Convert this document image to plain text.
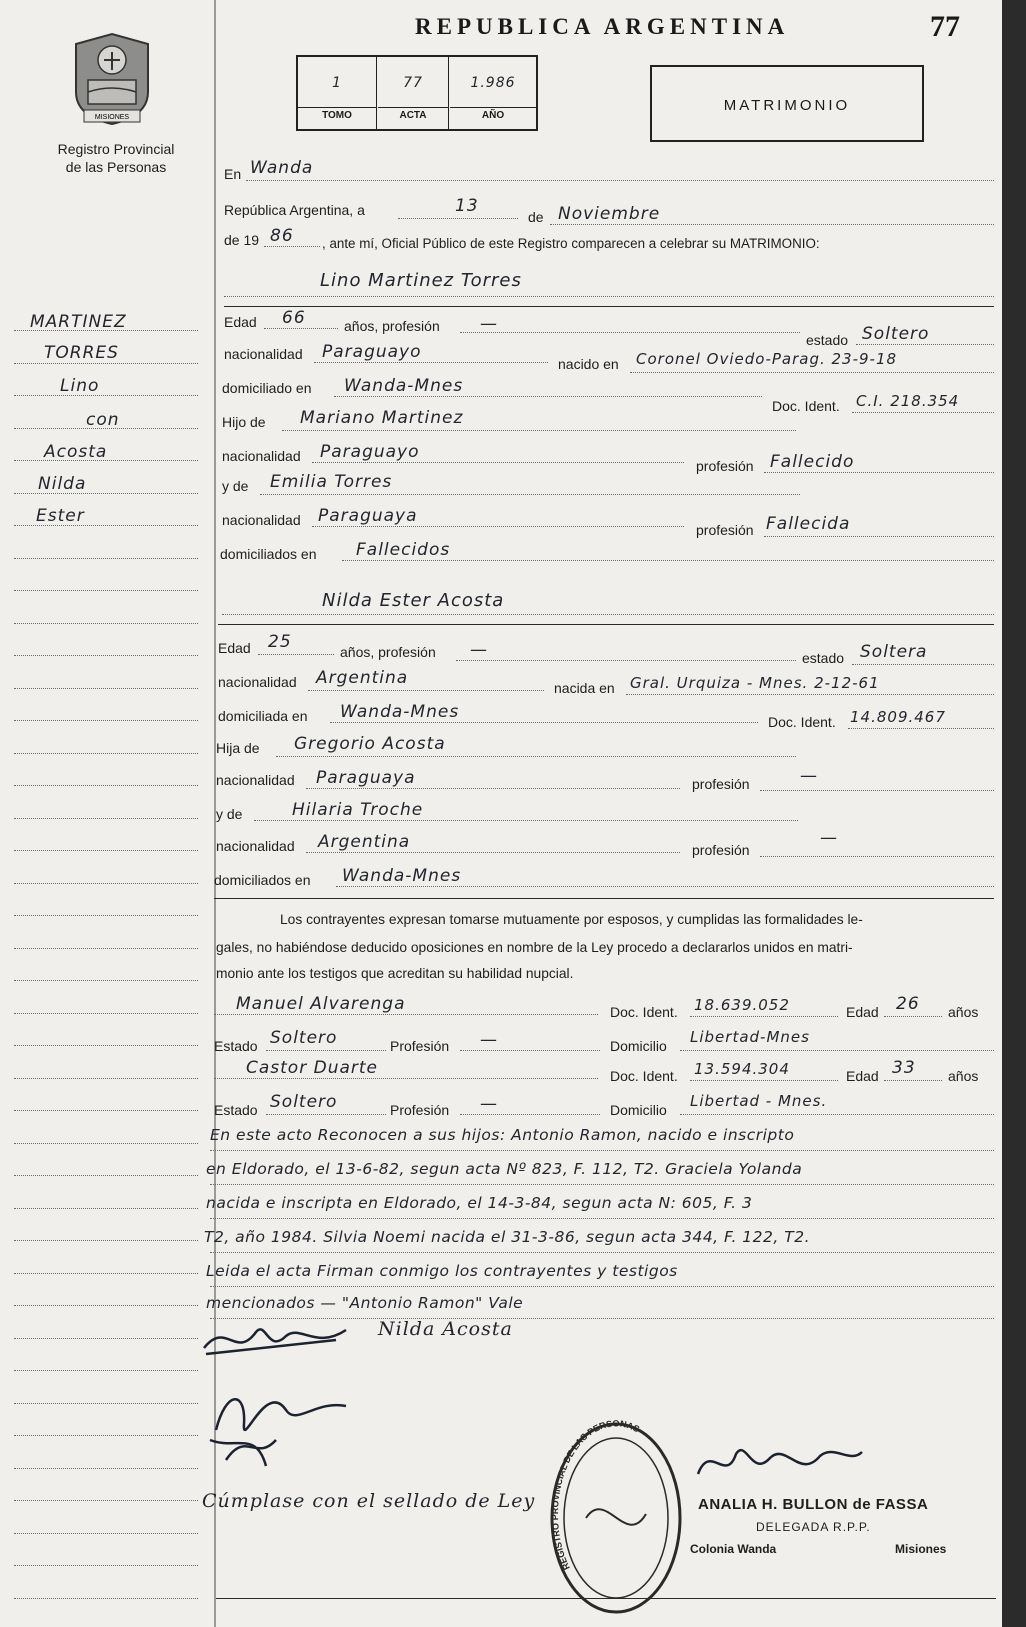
MISIONES
Registro Provincial
de las Personas
REPUBLICA ARGENTINA	77
1
TOMO
77
ACTA
1.986
AÑO
MATRIMONIO
MARTINEZ
TORRES
Lino
con
Acosta
Nilda
Ester
En Wanda
República Argentina, a	13
de Noviembre
de 19 86 , ante mí, Oficial Público de este Registro comparecen a celebrar su MATRIMONIO:
Lino Martinez Torres
Edad 66	años, profesión —
estado Soltero
nacionalidad Paraguayo
nacido en Coronel Oviedo-Parag. 23-9-18
domiciliado en Wanda-Mnes
Doc. Ident. C.I. 218.354
Hijo de Mariano Martinez
nacionalidad Paraguayo
profesión Fallecido
y de Emilia Torres
nacionalidad Paraguaya
profesión Fallecida
domiciliados en Fallecidos
Nilda Ester Acosta
Edad 25	años, profesión —	estado Soltera
nacionalidad Argentina	nacida en Gral. Urquiza - Mnes. 2-12-61
domiciliada en Wanda-Mnes	Doc. Ident. 14.809.467
Hija de Gregorio Acosta
nacionalidad Paraguaya	profesión	—
y de	Hilaria Troche
nacionalidad Argentina	profesión
—
domiciliados en Wanda-Mnes
Los contrayentes expresan tomarse mutuamente por esposos, y cumplidas las formalidades le-
gales, no habiéndose deducido oposiciones en nombre de la Ley procedo a declararlos unidos en matri-
monio ante los testigos que acreditan su habilidad nupcial.
Manuel Alvarenga	Doc. Ident. 18.639.052	Edad 26 años
Estado Soltero	Profesión —	Domicilio Libertad-Mnes
Castor Duarte	Doc. Ident. 13.594.304	Edad 33 años
Estado Soltero	Profesión —	Domicilio Libertad - Mnes.
En este acto Reconocen a sus hijos: Antonio Ramon, nacido e inscripto
en Eldorado, el 13-6-82, segun acta Nº 823, F. 112, T2. Graciela Yolanda
nacida e inscripta en Eldorado, el 14-3-84, segun acta N: 605, F. 3
T2, año 1984. Silvia Noemi nacida el 31-3-86, segun acta 344, F. 122, T2.
Leida el acta Firman conmigo los contrayentes y testigos
mencionados — "Antonio Ramon" Vale
Nilda Acosta
Cúmplase con el sellado de Ley
REGISTRO PROVINCIAL DE LAS PERSONAS
ANALIA H. BULLON de FASSA
DELEGADA R.P.P.
Colonia Wanda	Misiones
